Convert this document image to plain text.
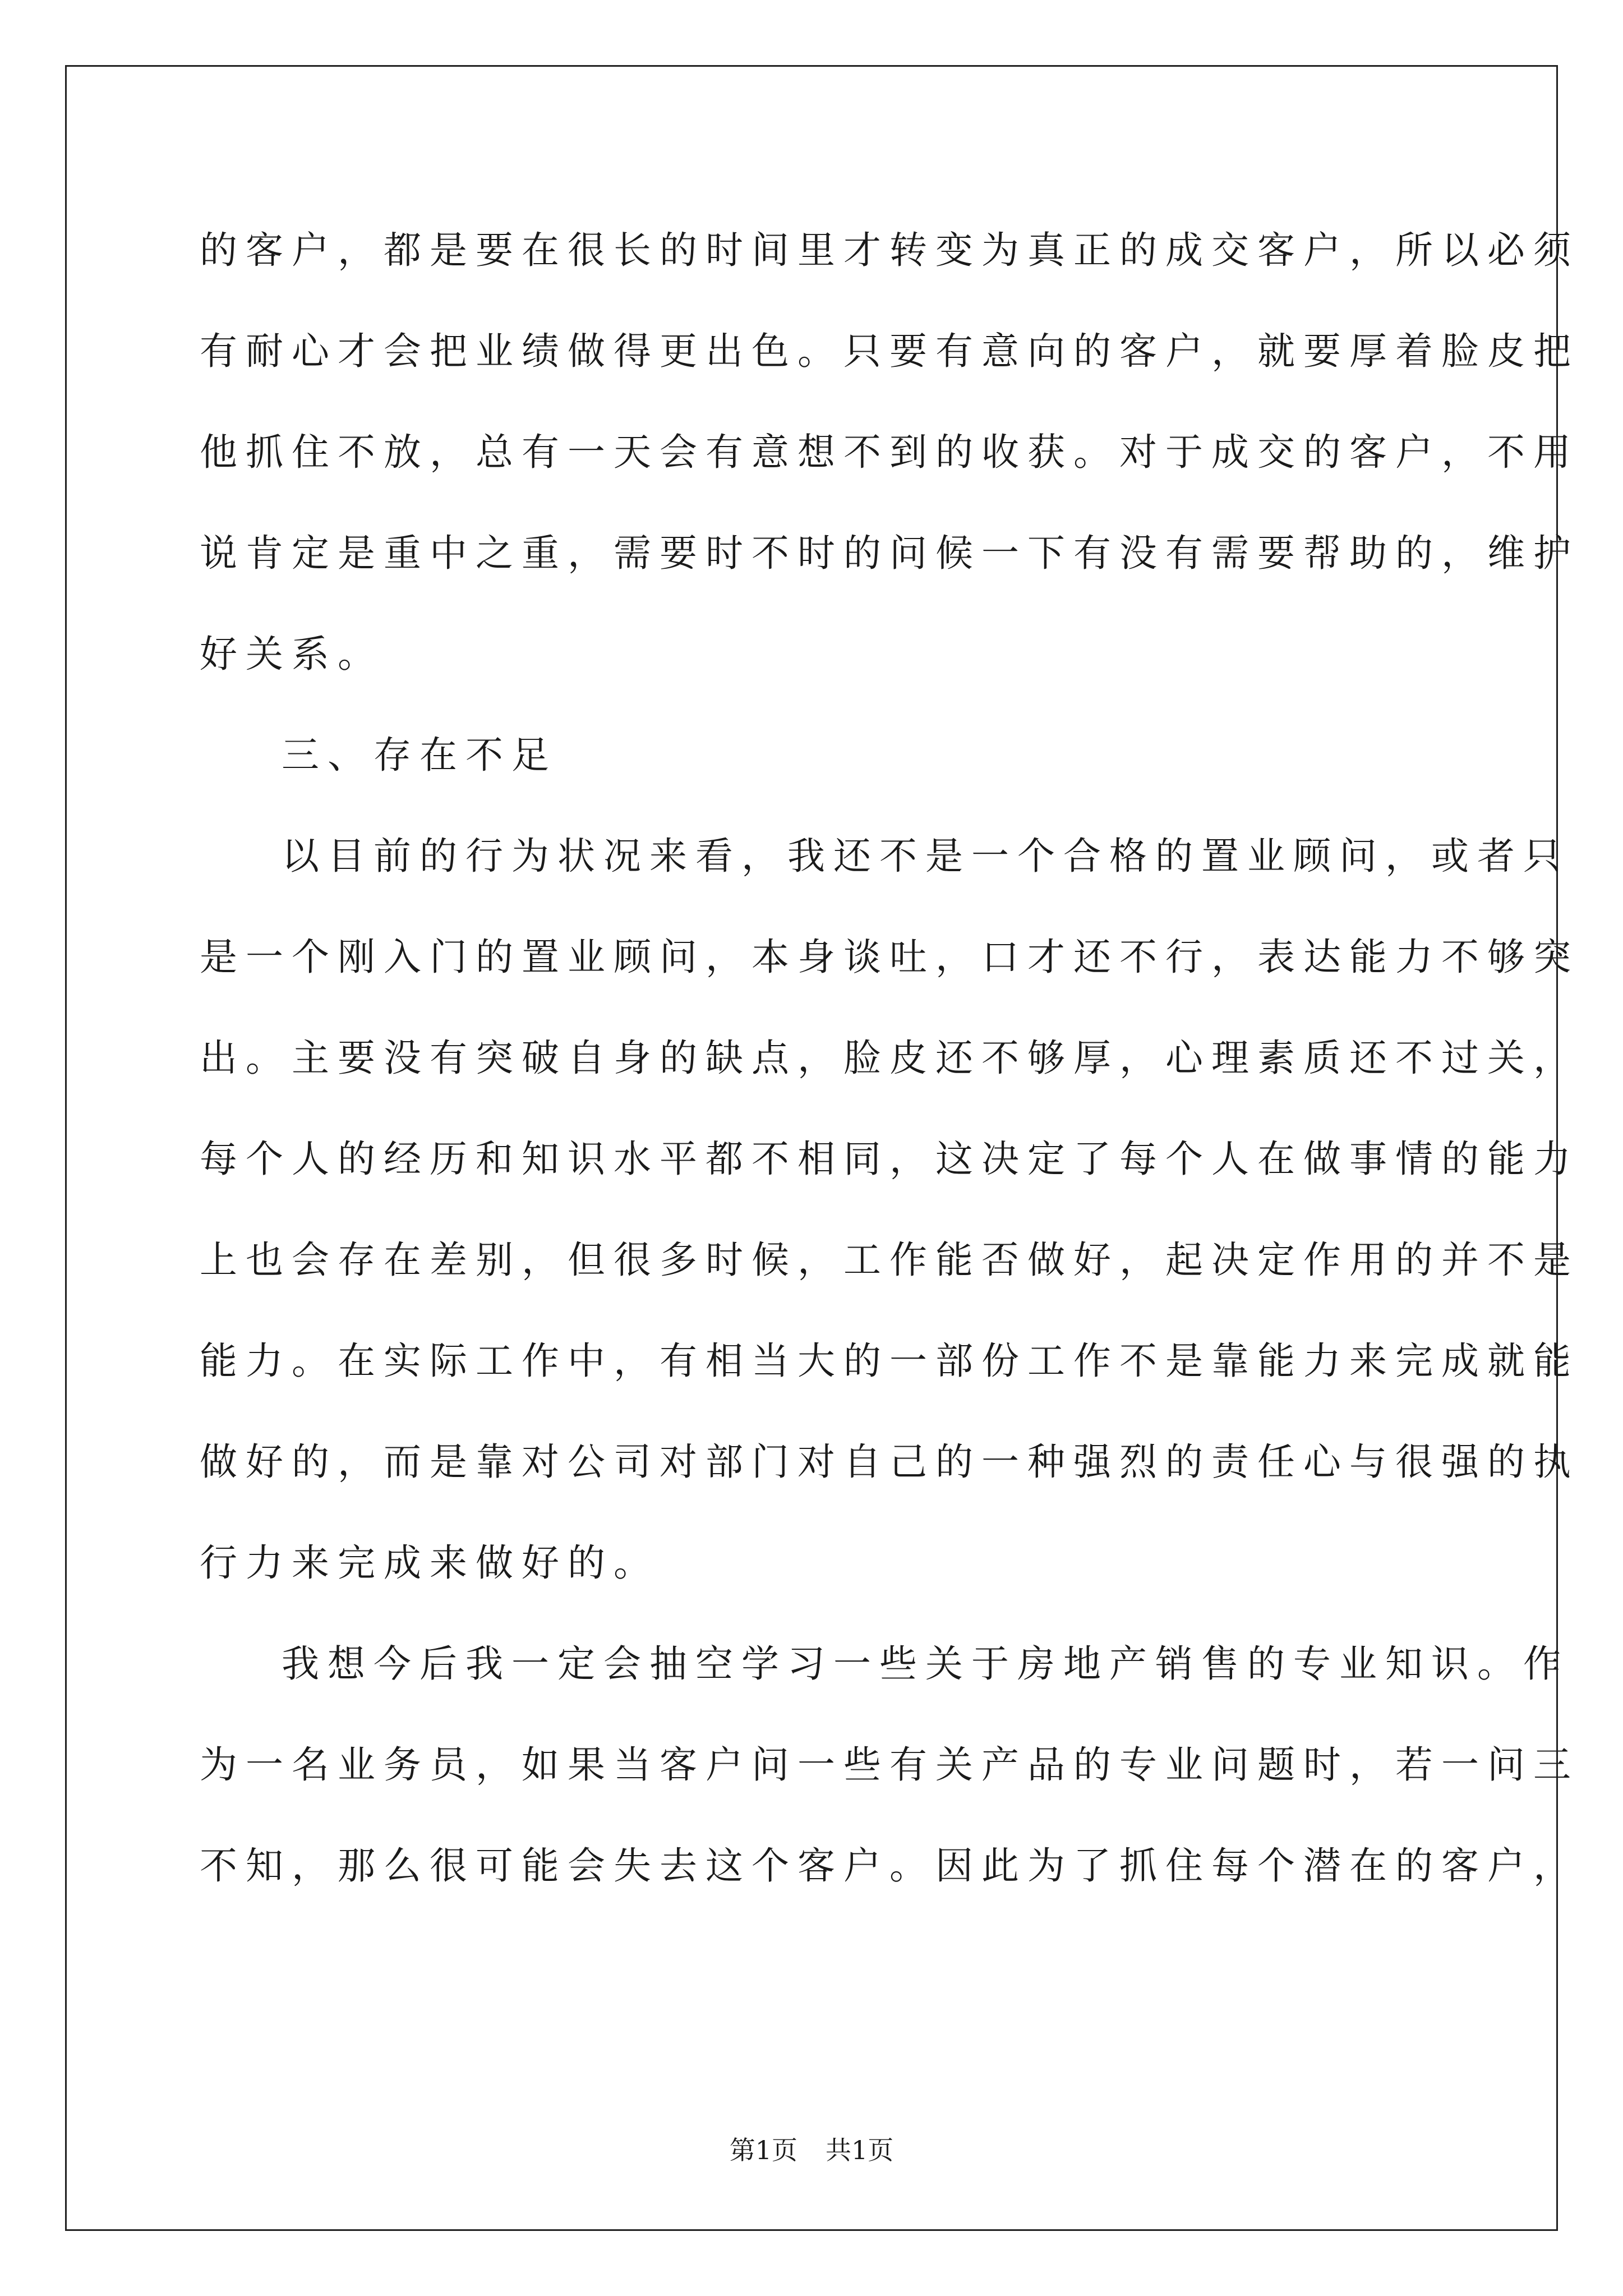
的客户，都是要在很长的时间里才转变为真正的成交客户，所以必须
有耐心才会把业绩做得更出色。只要有意向的客户，就要厚着脸皮把
他抓住不放，总有一天会有意想不到的收获。对于成交的客户，不用
说肯定是重中之重，需要时不时的问候一下有没有需要帮助的，维护
好关系。
三、存在不足
以目前的行为状况来看，我还不是一个合格的置业顾问，或者只
是一个刚入门的置业顾问，本身谈吐，口才还不行，表达能力不够突
出。主要没有突破自身的缺点，脸皮还不够厚，心理素质还不过关，
每个人的经历和知识水平都不相同，这决定了每个人在做事情的能力
上也会存在差别，但很多时候，工作能否做好，起决定作用的并不是
能力。在实际工作中，有相当大的一部份工作不是靠能力来完成就能
做好的，而是靠对公司对部门对自己的一种强烈的责任心与很强的执
行力来完成来做好的。
我想今后我一定会抽空学习一些关于房地产销售的专业知识。作
为一名业务员，如果当客户问一些有关产品的专业问题时，若一问三
不知，那么很可能会失去这个客户。因此为了抓住每个潜在的客户，
第1页 共1页
